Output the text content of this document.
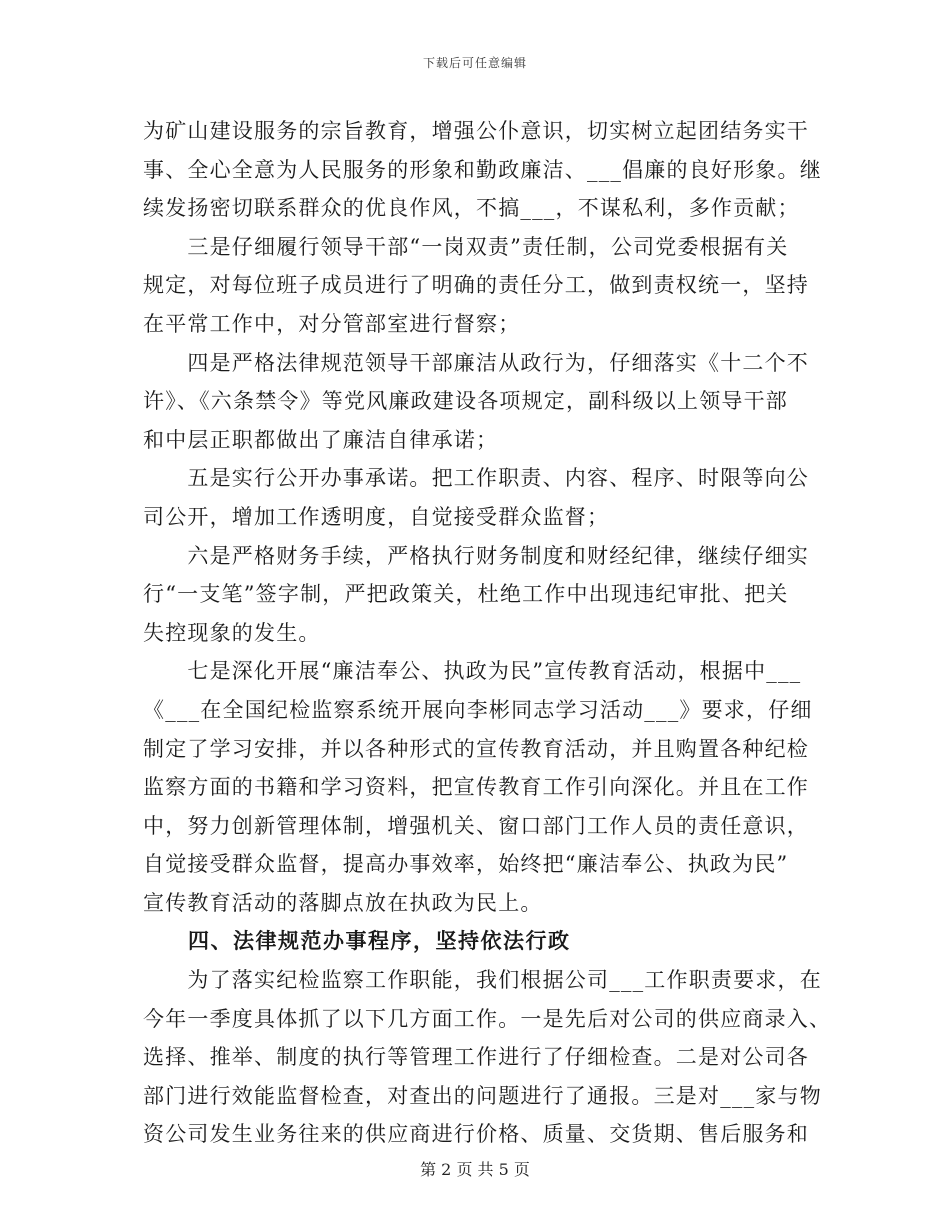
下载后可任意编辑
为矿山建设服务的宗旨教育，增强公仆意识，切实树立起团结务实干
事、全心全意为人民服务的形象和勤政廉洁、___倡廉的良好形象。继
续发扬密切联系群众的优良作风，不搞___，不谋私利，多作贡献；
　　三是仔细履行领导干部“一岗双责”责任制，公司党委根据有关
规定，对每位班子成员进行了明确的责任分工，做到责权统一，坚持
在平常工作中，对分管部室进行督察；
　　四是严格法律规范领导干部廉洁从政行为，仔细落实《十二个不
许》、《六条禁令》等党风廉政建设各项规定，副科级以上领导干部
和中层正职都做出了廉洁自律承诺；
　　五是实行公开办事承诺。把工作职责、内容、程序、时限等向公
司公开，增加工作透明度，自觉接受群众监督；
　　六是严格财务手续，严格执行财务制度和财经纪律，继续仔细实
行“一支笔”签字制，严把政策关，杜绝工作中出现违纪审批、把关
失控现象的发生。
　　七是深化开展“廉洁奉公、执政为民”宣传教育活动，根据中___
《___在全国纪检监察系统开展向李彬同志学习活动___》要求，仔细
制定了学习安排，并以各种形式的宣传教育活动，并且购置各种纪检
监察方面的书籍和学习资料，把宣传教育工作引向深化。并且在工作
中，努力创新管理体制，增强机关、窗口部门工作人员的责任意识，
自觉接受群众监督，提高办事效率，始终把“廉洁奉公、执政为民”
宣传教育活动的落脚点放在执政为民上。
　　四、法律规范办事程序，坚持依法行政
　　为了落实纪检监察工作职能，我们根据公司___工作职责要求，在
今年一季度具体抓了以下几方面工作。一是先后对公司的供应商录入、
选择、推举、制度的执行等管理工作进行了仔细检查。二是对公司各
部门进行效能监督检查，对查出的问题进行了通报。三是对___家与物
资公司发生业务往来的供应商进行价格、质量、交货期、售后服务和
第 2 页 共 5 页
